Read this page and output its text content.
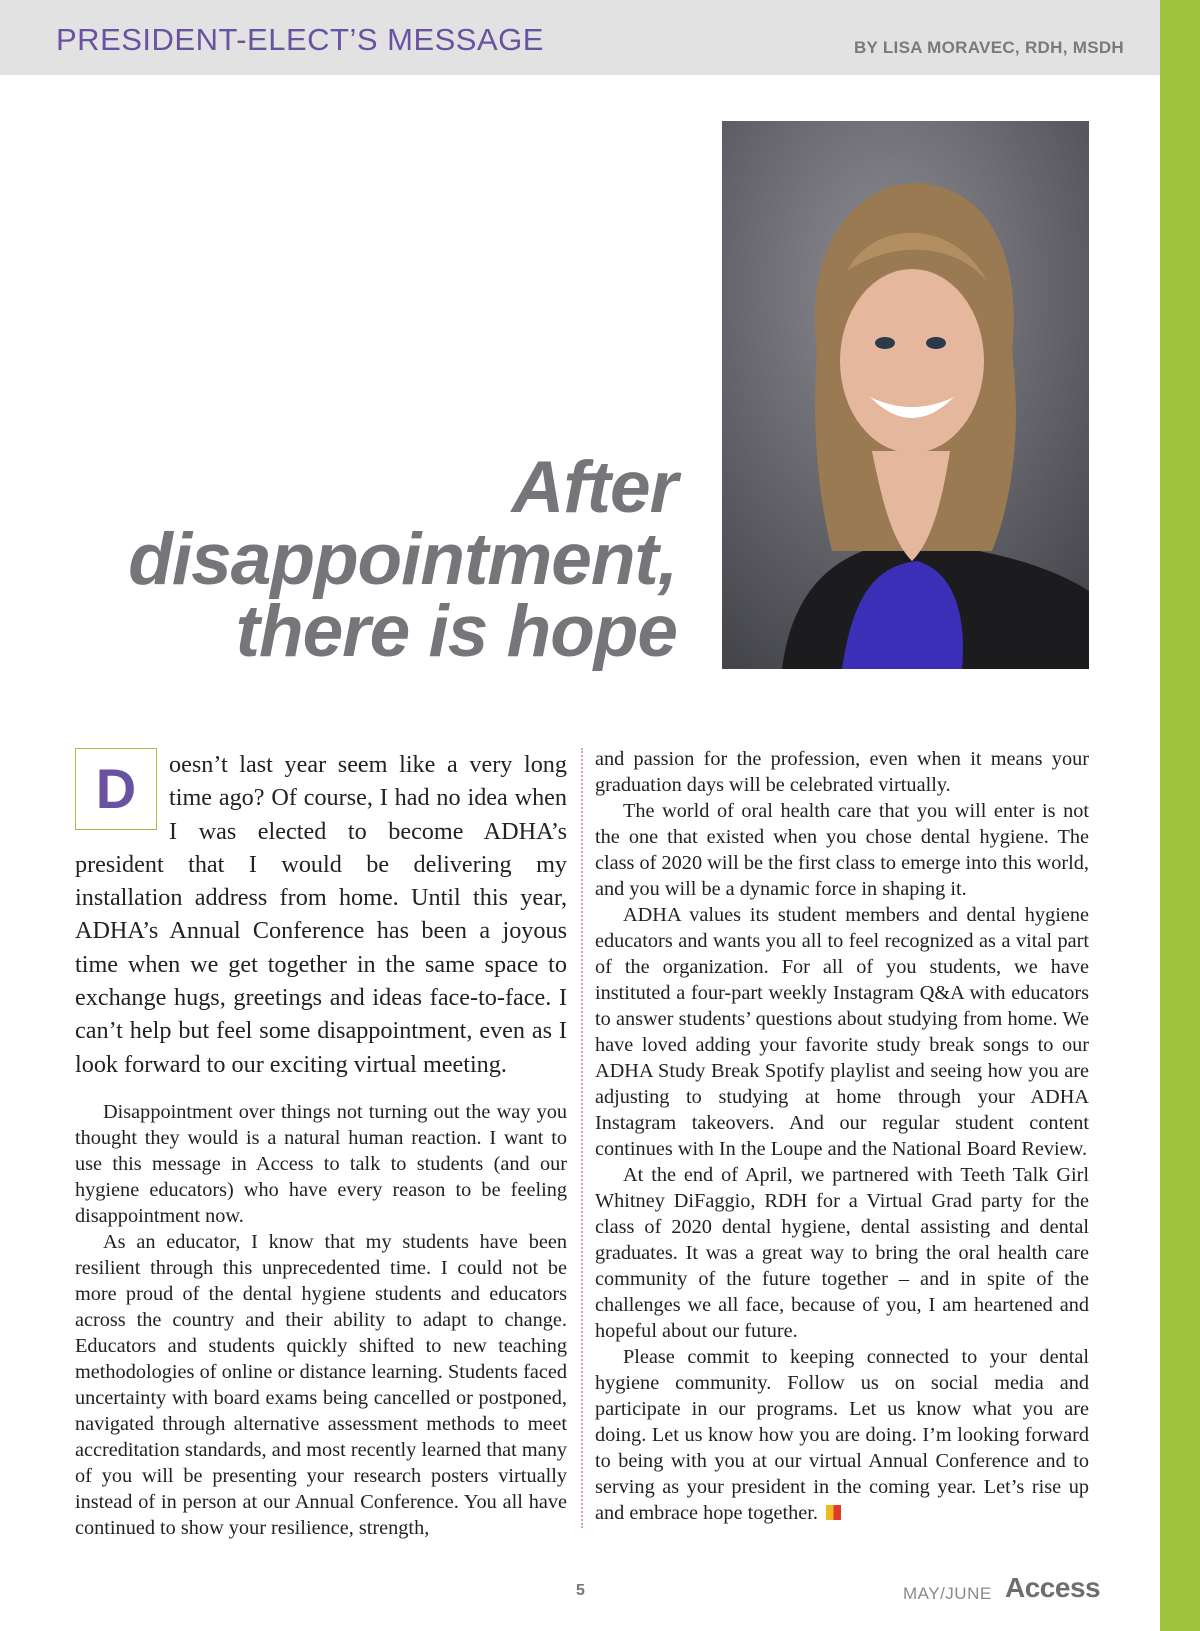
PRESIDENT-ELECT’S MESSAGE	BY LISA MORAVEC, RDH, MSDH
After
disappointment,
there is hope
D	oesn’t last year seem like a very long time ago? Of course, I had no idea when I was elected to become ADHA’s president that I would be delivering my installation address from home. Until this year, ADHA’s Annual Conference has been a joyous time when we get together in the same space to exchange hugs, greetings and ideas face-to-face. I can’t help but feel some disappointment, even as I look forward to our exciting virtual meeting.

Disappointment over things not turning out the way you thought they would is a natural human reaction. I want to use this message in Access to talk to students (and our hygiene educators) who have every reason to be feeling disappointment now.

As an educator, I know that my students have been resilient through this unprecedented time. I could not be more proud of the dental hygiene students and educators across the country and their ability to adapt to change. Educators and students quickly shifted to new teaching methodologies of online or distance learning. Students faced uncertainty with board exams being cancelled or postponed, navigated through alternative assessment methods to meet accreditation standards, and most recently learned that many of you will be presenting your research posters virtually instead of in person at our Annual Conference. You all have continued to show your resilience, strength,

and passion for the profession, even when it means your graduation days will be celebrated virtually.

The world of oral health care that you will enter is not the one that existed when you chose dental hygiene. The class of 2020 will be the first class to emerge into this world, and you will be a dynamic force in shaping it.

ADHA values its student members and dental hygiene educators and wants you all to feel recognized as a vital part of the organization. For all of you students, we have instituted a four-part weekly Instagram Q&A with educators to answer students’ questions about studying from home. We have loved adding your favorite study break songs to our ADHA Study Break Spotify playlist and seeing how you are adjusting to studying at home through your ADHA Instagram takeovers. And our regular student content continues with In the Loupe and the National Board Review.

At the end of April, we partnered with Teeth Talk Girl Whitney DiFaggio, RDH for a Virtual Grad party for the class of 2020 dental hygiene, dental assisting and dental graduates. It was a great way to bring the oral health care community of the future together – and in spite of the challenges we all face, because of you, I am heartened and hopeful about our future.

Please commit to keeping connected to your dental hygiene community. Follow us on social media and participate in our programs. Let us know what you are doing. Let us know how you are doing. I’m looking forward to being with you at our virtual Annual Conference and to serving as your president in the coming year. Let’s rise up and embrace hope together.

5	MAY/JUNE Access
